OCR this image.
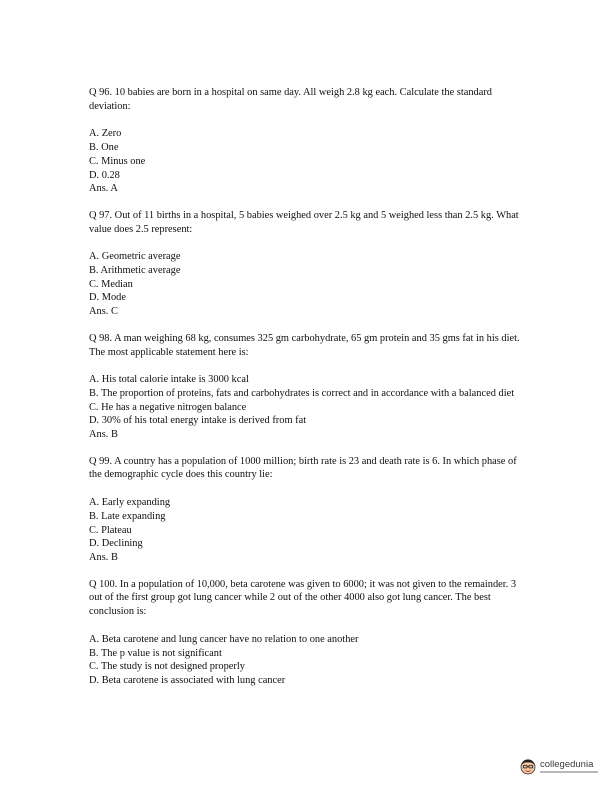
Q 96. 10 babies are born in a hospital on same day. All weigh 2.8 kg each. Calculate the standard deviation:

A. Zero
B. One
C. Minus one
D. 0.28
Ans. A

Q 97. Out of 11 births in a hospital, 5 babies weighed over 2.5 kg and 5 weighed less than 2.5 kg. What value does 2.5 represent:

A. Geometric average
B. Arithmetic average
C. Median
D. Mode
Ans. C

Q 98. A man weighing 68 kg, consumes 325 gm carbohydrate, 65 gm protein and 35 gms fat in his diet. The most applicable statement here is:

A. His total calorie intake is 3000 kcal
B. The proportion of proteins, fats and carbohydrates is correct and in accordance with a balanced diet
C. He has a negative nitrogen balance
D. 30% of his total energy intake is derived from fat
Ans. B

Q 99. A country has a population of 1000 million; birth rate is 23 and death rate is 6. In which phase of the demographic cycle does this country lie:

A. Early expanding
B. Late expanding
C. Plateau
D. Declining
Ans. B

Q 100. In a population of 10,000, beta carotene was given to 6000; it was not given to the remainder. 3 out of the first group got lung cancer while 2 out of the other 4000 also got lung cancer. The best conclusion is:

A. Beta carotene and lung cancer have no relation to one another
B. The p value is not significant
C. The study is not designed properly
D. Beta carotene is associated with lung cancer
collegedunia
